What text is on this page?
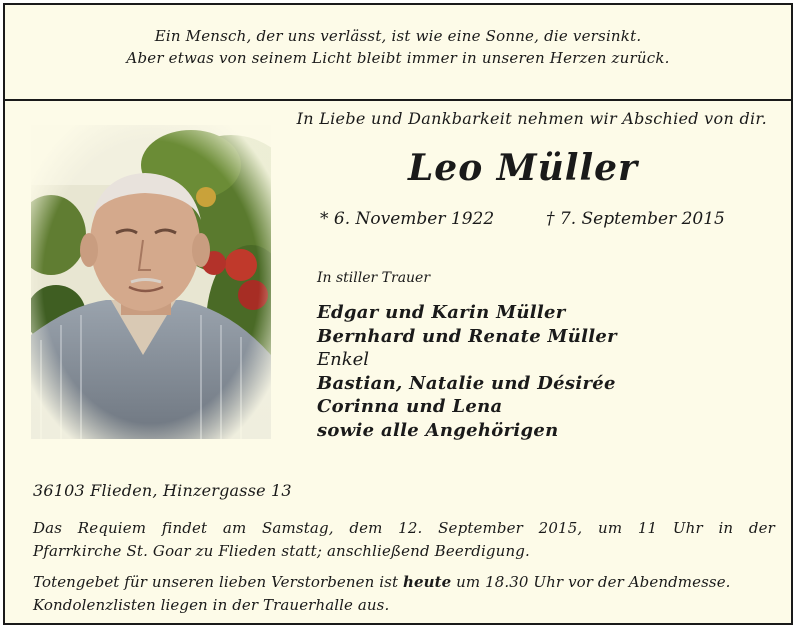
Ein Mensch, der uns verlässt, ist wie eine Sonne, die versinkt.
Aber etwas von seinem Licht bleibt immer in unseren Herzen zurück.
In Liebe und Dankbarkeit nehmen wir Abschied von dir.
Leo Müller
* 6. November 1922	† 7. September 2015
In stiller Trauer
Edgar und Karin Müller
Bernhard und Renate Müller
Enkel
Bastian, Natalie und Désirée
Corinna und Lena
sowie alle Angehörigen
36103 Flieden, Hinzergasse 13
Das Requiem findet am Samstag, dem 12. September 2015, um 11 Uhr in der
Pfarrkirche St. Goar zu Flieden statt; anschließend Beerdigung.
Totengebet für unseren lieben Verstorbenen ist heute um 18.30 Uhr vor der Abendmesse.
Kondolenzlisten liegen in der Trauerhalle aus.
